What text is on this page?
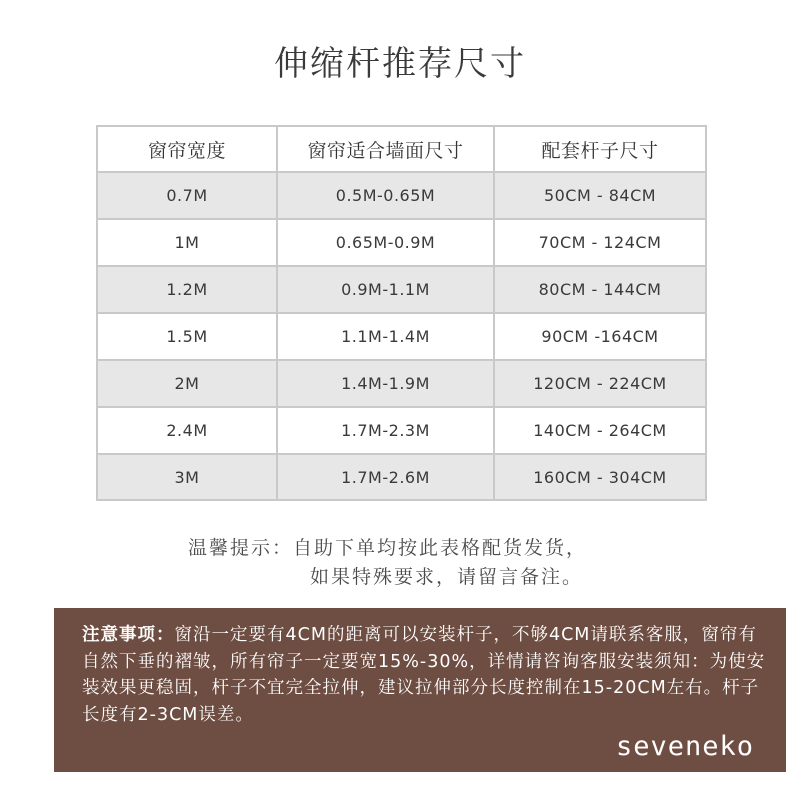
伸缩杆推荐尺寸
窗帘宽度	窗帘适合墙面尺寸	配套杆子尺寸
0.7M	0.5M-0.65M	50CM - 84CM
1M	0.65M-0.9M	70CM - 124CM
1.2M	0.9M-1.1M	80CM - 144CM
1.5M	1.1M-1.4M	90CM -164CM
2M	1.4M-1.9M	120CM - 224CM
2.4M	1.7M-2.3M	140CM - 264CM
3M	1.7M-2.6M	160CM - 304CM
温馨提示：自助下单均按此表格配货发货，
如果特殊要求，请留言备注。
注意事项：窗沿一定要有4CM的距离可以安装杆子，不够4CM请联系客服，窗帘有自然下垂的褶皱，所有帘子一定要宽15%-30%，详情请咨询客服安装须知：为使安装效果更稳固，杆子不宜完全拉伸，建议拉伸部分长度控制在15-20CM左右。杆子长度有2-3CM误差。
seveneko
